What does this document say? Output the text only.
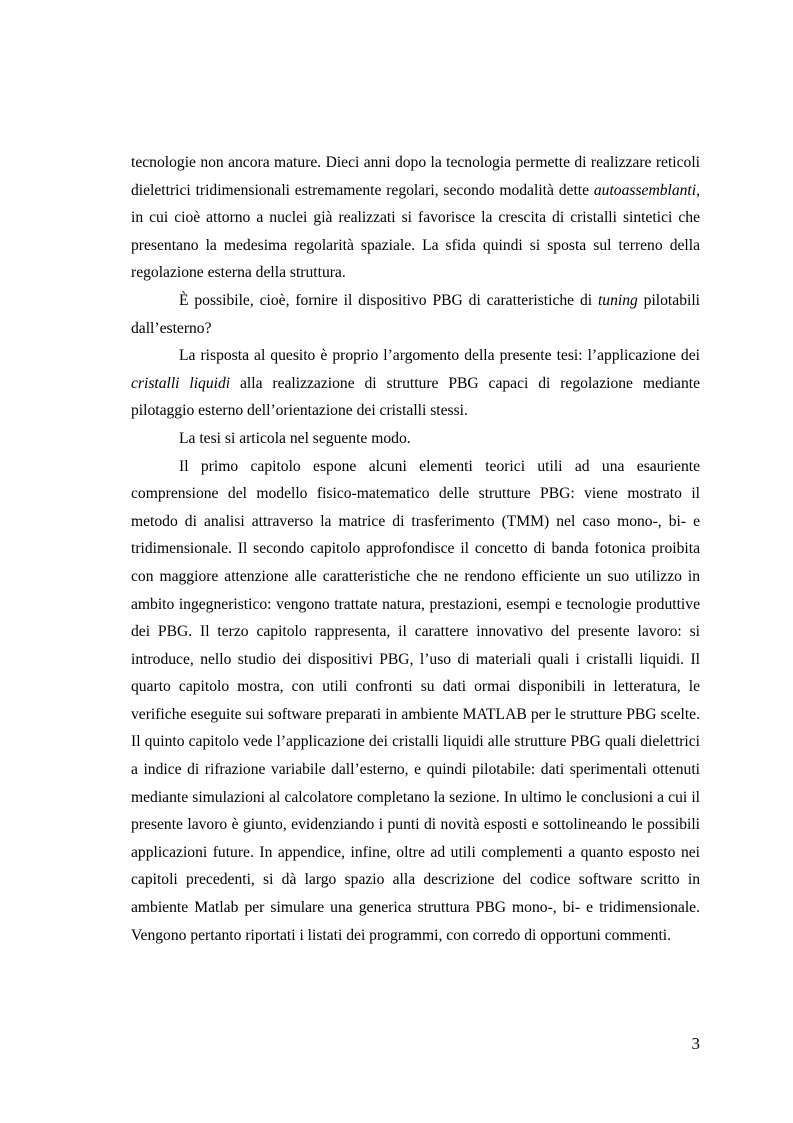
tecnologie non ancora mature. Dieci anni dopo la tecnologia permette di realizzare reticoli dielettrici tridimensionali estremamente regolari, secondo modalità dette autoassemblanti, in cui cioè attorno a nuclei già realizzati si favorisce la crescita di cristalli sintetici che presentano la medesima regolarità spaziale. La sfida quindi si sposta sul terreno della regolazione esterna della struttura.

È possibile, cioè, fornire il dispositivo PBG di caratteristiche di tuning pilotabili dall’esterno?

La risposta al quesito è proprio l’argomento della presente tesi: l’applicazione dei cristalli liquidi alla realizzazione di strutture PBG capaci di regolazione mediante pilotaggio esterno dell’orientazione dei cristalli stessi.

La tesi si articola nel seguente modo.

Il primo capitolo espone alcuni elementi teorici utili ad una esauriente comprensione del modello fisico-matematico delle strutture PBG: viene mostrato il metodo di analisi attraverso la matrice di trasferimento (TMM) nel caso mono-, bi- e tridimensionale. Il secondo capitolo approfondisce il concetto di banda fotonica proibita con maggiore attenzione alle caratteristiche che ne rendono efficiente un suo utilizzo in ambito ingegneristico: vengono trattate natura, prestazioni, esempi e tecnologie produttive dei PBG. Il terzo capitolo rappresenta, il carattere innovativo del presente lavoro: si introduce, nello studio dei dispositivi PBG, l’uso di materiali quali i cristalli liquidi. Il quarto capitolo mostra, con utili confronti su dati ormai disponibili in letteratura, le verifiche eseguite sui software preparati in ambiente MATLAB per le strutture PBG scelte. Il quinto capitolo vede l’applicazione dei cristalli liquidi alle strutture PBG quali dielettrici a indice di rifrazione variabile dall’esterno, e quindi pilotabile: dati sperimentali ottenuti mediante simulazioni al calcolatore completano la sezione. In ultimo le conclusioni a cui il presente lavoro è giunto, evidenziando i punti di novità esposti e sottolineando le possibili applicazioni future. In appendice, infine, oltre ad utili complementi a quanto esposto nei capitoli precedenti, si dà largo spazio alla descrizione del codice software scritto in ambiente Matlab per simulare una generica struttura PBG mono-, bi- e tridimensionale. Vengono pertanto riportati i listati dei programmi, con corredo di opportuni commenti.

3
